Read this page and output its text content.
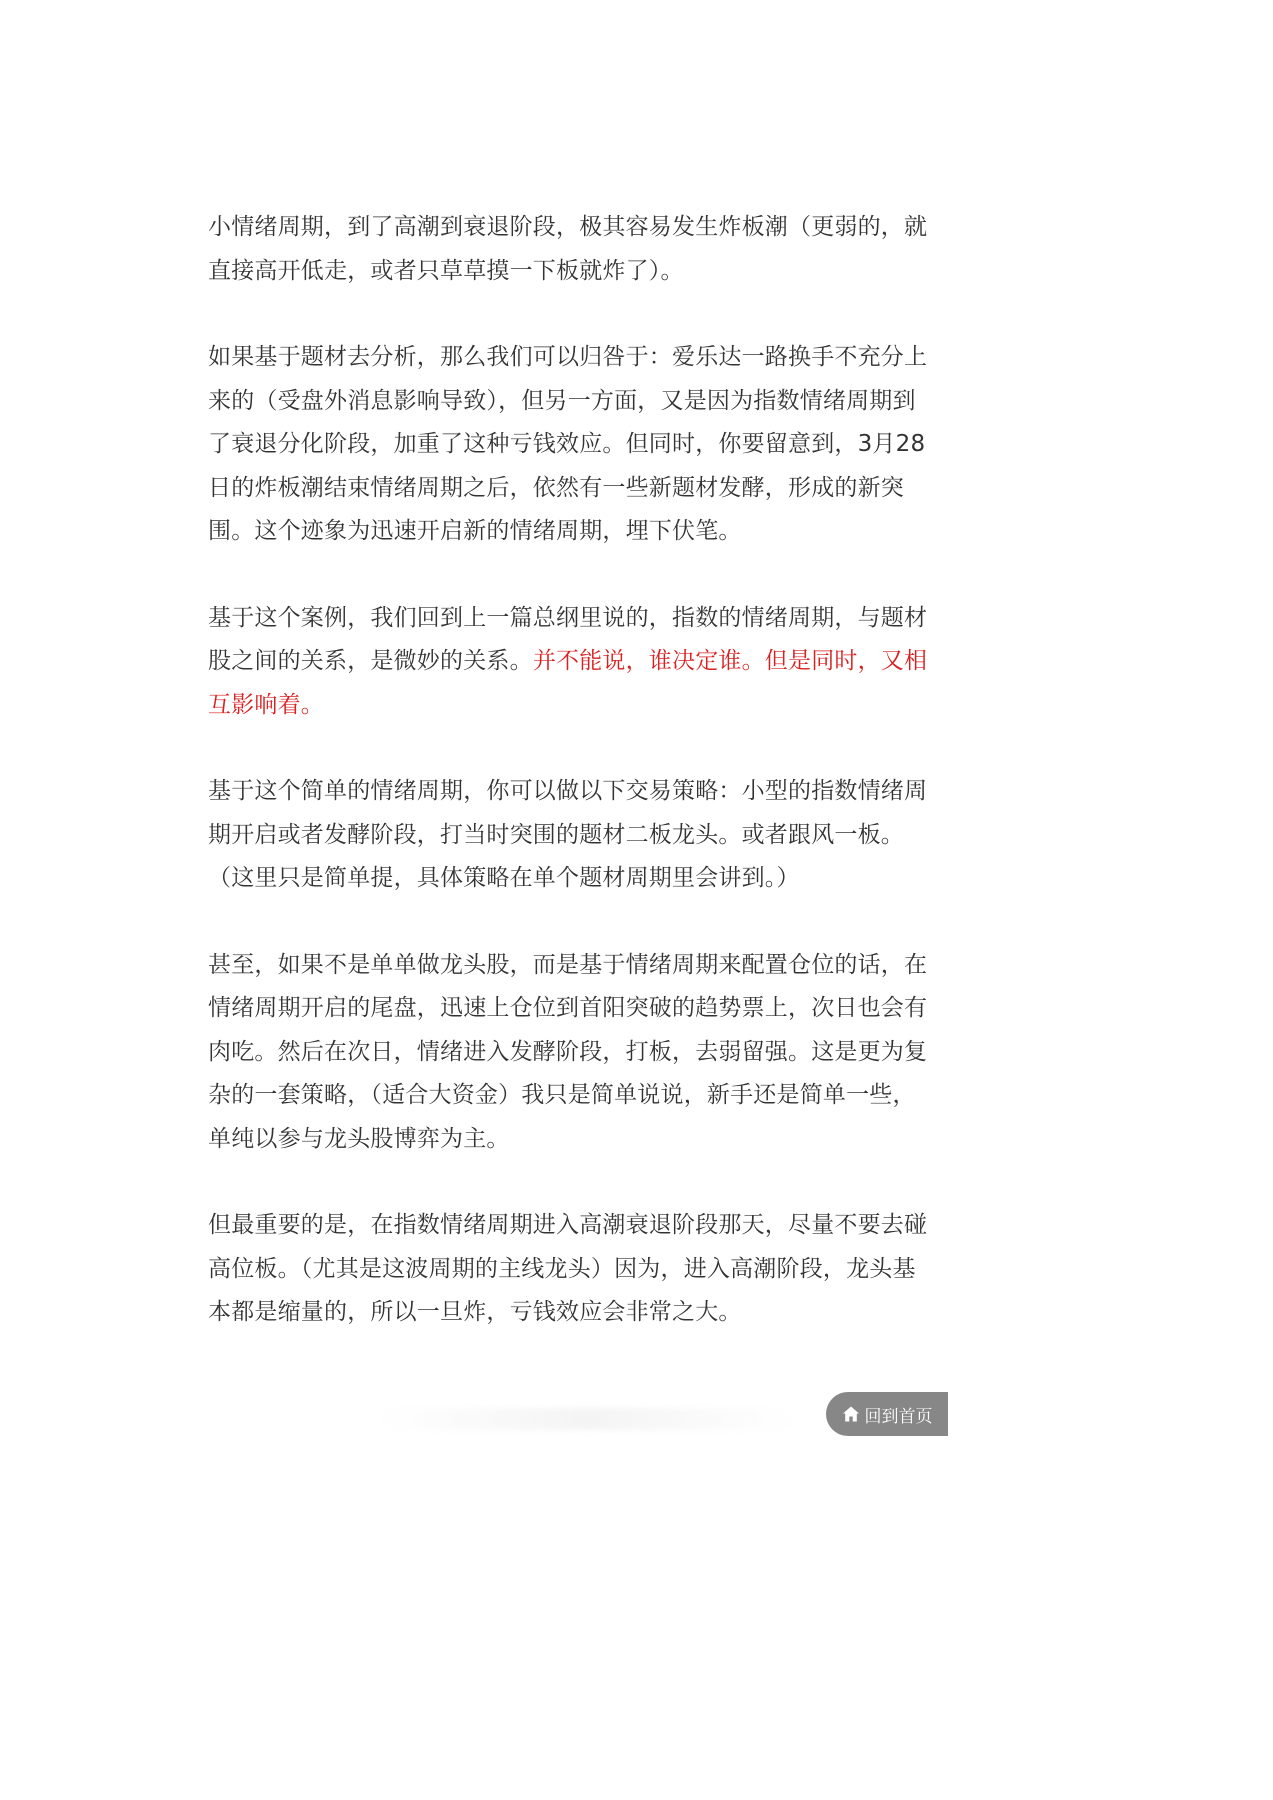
小情绪周期，到了高潮到衰退阶段，极其容易发生炸板潮（更弱的，就直接高开低走，或者只草草摸一下板就炸了）。

如果基于题材去分析，那么我们可以归咎于：爱乐达一路换手不充分上来的（受盘外消息影响导致），但另一方面，又是因为指数情绪周期到了衰退分化阶段，加重了这种亏钱效应。但同时，你要留意到，3月28日的炸板潮结束情绪周期之后，依然有一些新题材发酵，形成的新突围。这个迹象为迅速开启新的情绪周期，埋下伏笔。

基于这个案例，我们回到上一篇总纲里说的，指数的情绪周期，与题材股之间的关系，是微妙的关系。并不能说，谁决定谁。但是同时，又相互影响着。

基于这个简单的情绪周期，你可以做以下交易策略：小型的指数情绪周期开启或者发酵阶段，打当时突围的题材二板龙头。或者跟风一板。（这里只是简单提，具体策略在单个题材周期里会讲到。）

甚至，如果不是单单做龙头股，而是基于情绪周期来配置仓位的话，在情绪周期开启的尾盘，迅速上仓位到首阳突破的趋势票上，次日也会有肉吃。然后在次日，情绪进入发酵阶段，打板，去弱留强。这是更为复杂的一套策略，（适合大资金）我只是简单说说，新手还是简单一些，单纯以参与龙头股博弈为主。

但最重要的是，在指数情绪周期进入高潮衰退阶段那天，尽量不要去碰高位板。（尤其是这波周期的主线龙头）因为，进入高潮阶段，龙头基本都是缩量的，所以一旦炸，亏钱效应会非常之大。

回到首页
